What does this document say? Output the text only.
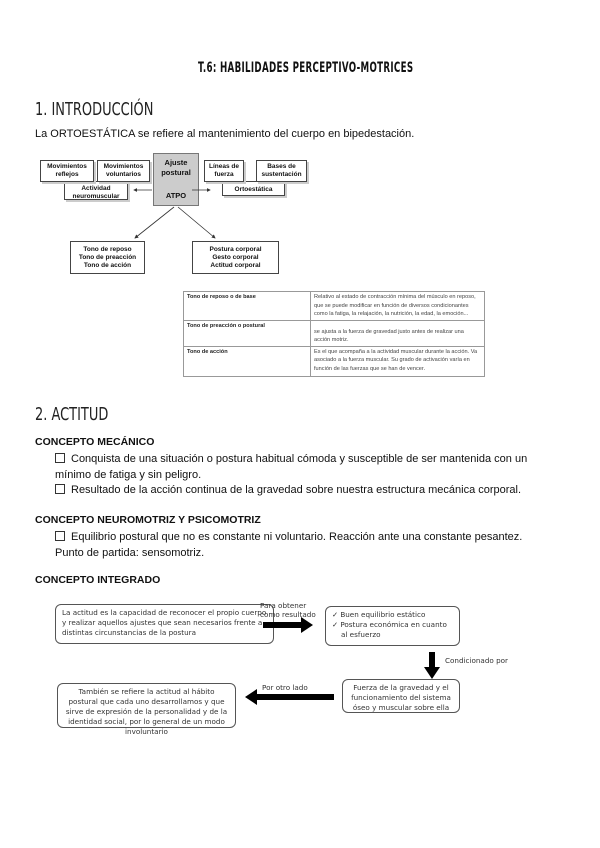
T.6: HABILIDADES PERCEPTIVO-MOTRICES
1. INTRODUCCIÓN
La ORTOESTÁTICA se refiere al mantenimiento del cuerpo en bipedestación.
Actividad neuromuscular
Movimientos reflejos
Movimientos voluntarios
Ortoestática
Líneas de fuerza
Bases de sustentación
Ajuste postural
ATPO
Tono de reposo
Tono de preacción
Tono de acción
Postura corporal
Gesto corporal
Actitud corporal
Tono de reposo o de base	Relativo al estado de contracción mínima del músculo en reposo, que se puede modificar en función de diversos condicionantes como la fatiga, la relajación, la nutrición, la edad, la emoción...
Tono de preacción o postural	se ajusta a la fuerza de gravedad justo antes de realizar una acción motriz.
Tono de acción	Es el que acompaña a la actividad muscular durante la acción. Va asociado a la fuerza muscular. Su grado de activación varía en función de las fuerzas que se han de vencer.
2. ACTITUD
CONCEPTO MECÁNICO
Conquista de una situación o postura habitual cómoda y susceptible de ser mantenida con un mínimo de fatiga y sin peligro.
Resultado de la acción continua de la gravedad sobre nuestra estructura mecánica corporal.
CONCEPTO NEUROMOTRIZ Y PSICOMOTRIZ
Equilibrio postural que no es constante ni voluntario. Reacción ante una constante pesantez. Punto de partida: sensomotriz.
CONCEPTO INTEGRADO
La actitud es la capacidad de reconocer el propio cuerpo y realizar aquellos ajustes que sean necesarios frente a distintas circunstancias de la postura
Para obtener como resultado	✓ Buen equilibrio estático
✓ Postura económica en cuanto al esfuerzo
Condicionado por
Fuerza de la gravedad y el funcionamiento del sistema óseo y muscular sobre ella
Por otro lado
También se refiere la actitud al hábito postural que cada uno desarrollamos y que sirve de expresión de la personalidad y de la identidad social, por lo general de un modo involuntario
